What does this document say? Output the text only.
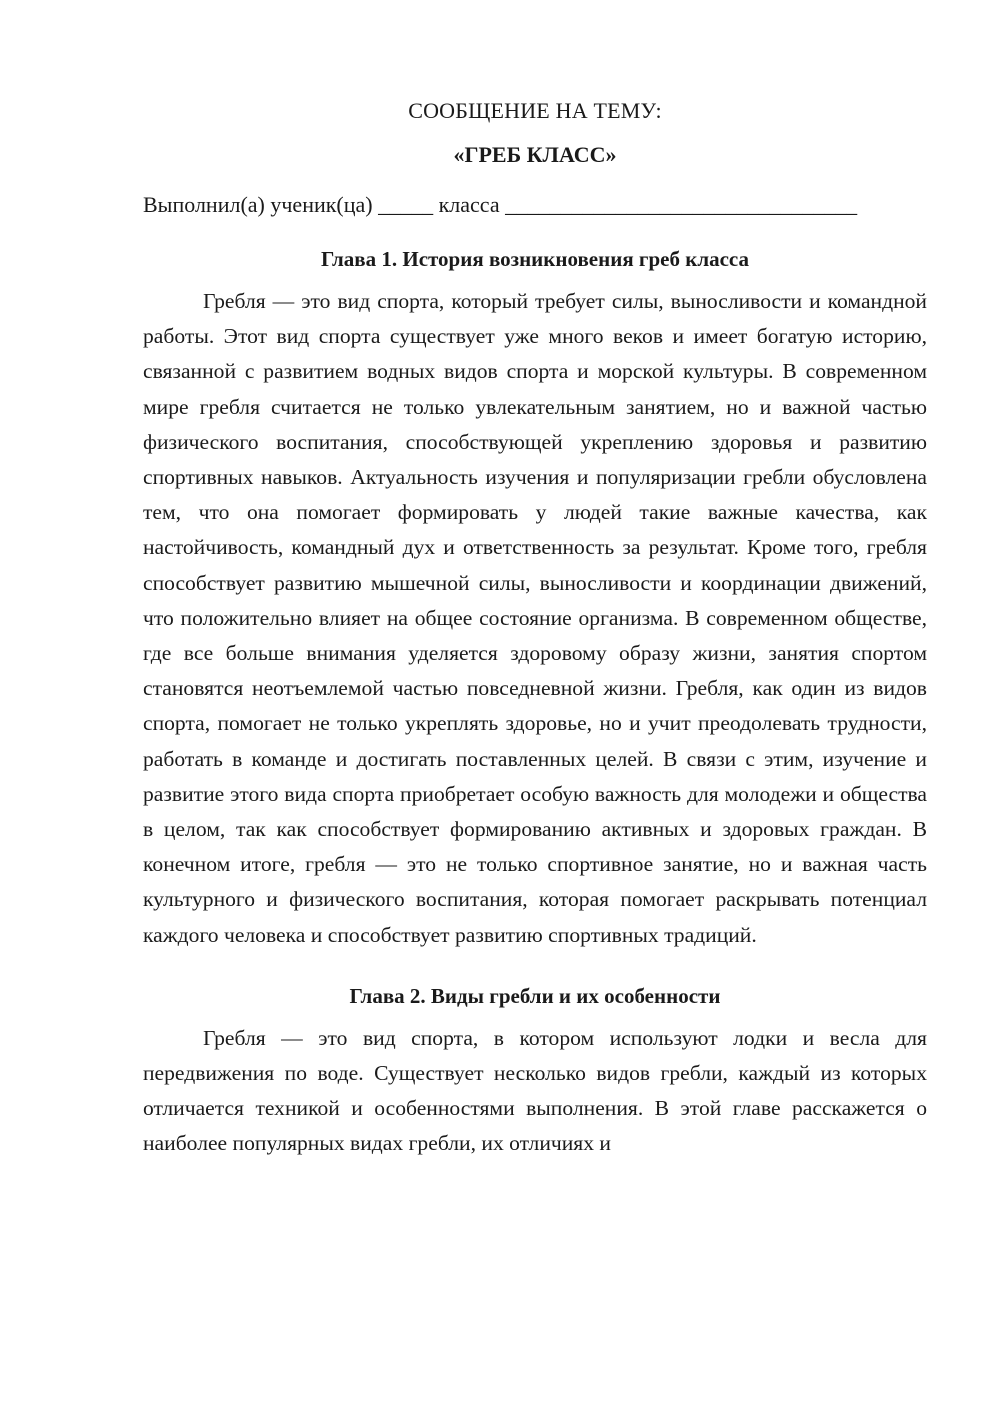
СООБЩЕНИЕ НА ТЕМУ:
«ГРЕБ КЛАСС»

Выполнил(а) ученик(ца) _____ класса ________________________________

Глава 1. История возникновения греб класса

Гребля — это вид спорта, который требует силы, выносливости и командной работы. Этот вид спорта существует уже много веков и имеет богатую историю, связанной с развитием водных видов спорта и морской культуры. В современном мире гребля считается не только увлекательным занятием, но и важной частью физического воспитания, способствующей укреплению здоровья и развитию спортивных навыков. Актуальность изучения и популяризации гребли обусловлена тем, что она помогает формировать у людей такие важные качества, как настойчивость, командный дух и ответственность за результат. Кроме того, гребля способствует развитию мышечной силы, выносливости и координации движений, что положительно влияет на общее состояние организма. В современном обществе, где все больше внимания уделяется здоровому образу жизни, занятия спортом становятся неотъемлемой частью повседневной жизни. Гребля, как один из видов спорта, помогает не только укреплять здоровье, но и учит преодолевать трудности, работать в команде и достигать поставленных целей. В связи с этим, изучение и развитие этого вида спорта приобретает особую важность для молодежи и общества в целом, так как способствует формированию активных и здоровых граждан. В конечном итоге, гребля — это не только спортивное занятие, но и важная часть культурного и физического воспитания, которая помогает раскрывать потенциал каждого человека и способствует развитию спортивных традиций.

Глава 2. Виды гребли и их особенности

Гребля — это вид спорта, в котором используют лодки и весла для передвижения по воде. Существует несколько видов гребли, каждый из которых отличается техникой и особенностями выполнения. В этой главе расскажется о наиболее популярных видах гребли, их отличиях и
